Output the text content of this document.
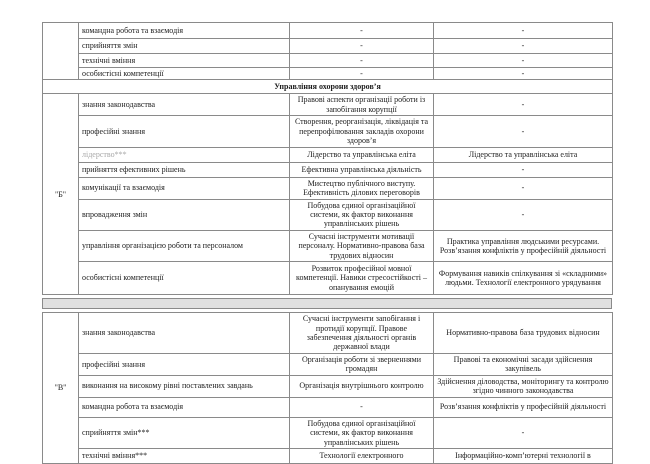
	командна робота та взаємодія	-	-
	сприйняття змін	-	-
	технічні вміння	-	-
	особистісні компетенції	-	-
Управління охорони здоров’я			
"Б"	знання законодавства	Правові аспекти організації роботи із запобігання корупції	-
	професійні знання	Створення, реорганізація, ліквідація та перепрофілювання закладів охорони здоров’я	-
	лідерство***	Лідерство та управлінська еліта	Лідерство та управлінська еліта
	прийняття ефективних рішень	Ефективна управлінська діяльність	-
	комунікації та взаємодія	Мистецтво публічного виступу. Ефективність ділових переговорів	-
	впровадження змін	Побудова єдиної організаційної системи, як фактор виконання управлінських рішень	-
	управління організацією роботи та персоналом	Сучасні інструменти мотивації персоналу. Нормативно-правова база трудових відносин	Практика управління людськими ресурсами. Розв’язання конфліктів у професійній діяльності
	особистісні компетенції	Розвиток професійної мовної компетенції. Навики стресостійкості –опанування емоцій	Формування навиків спілкування зі «складними» людьми. Технології електронного урядування
"В"	знання законодавства	Сучасні інструменти запобігання і протидії корупції. Правове забезпечення діяльності органів державної влади	Нормативно-правова база трудових відносин
	професійні знання	Організація роботи зі зверненнями громадян	Правові та економічні засади здійснення закупівель
	виконання на високому рівні поставлених завдань	Організація внутрішнього контролю	Здійснення діловодства, моніторингу та контролю згідно чинного законодавства
	командна робота та взаємодія	-	Розв’язання конфліктів у професійній діяльності
	сприйняття змін***	Побудова єдиної організаційної системи, як фактор виконання управлінських рішень	-
	технічні вміння***	Технології електронного	Інформаційно-комп’ютерні технології в
